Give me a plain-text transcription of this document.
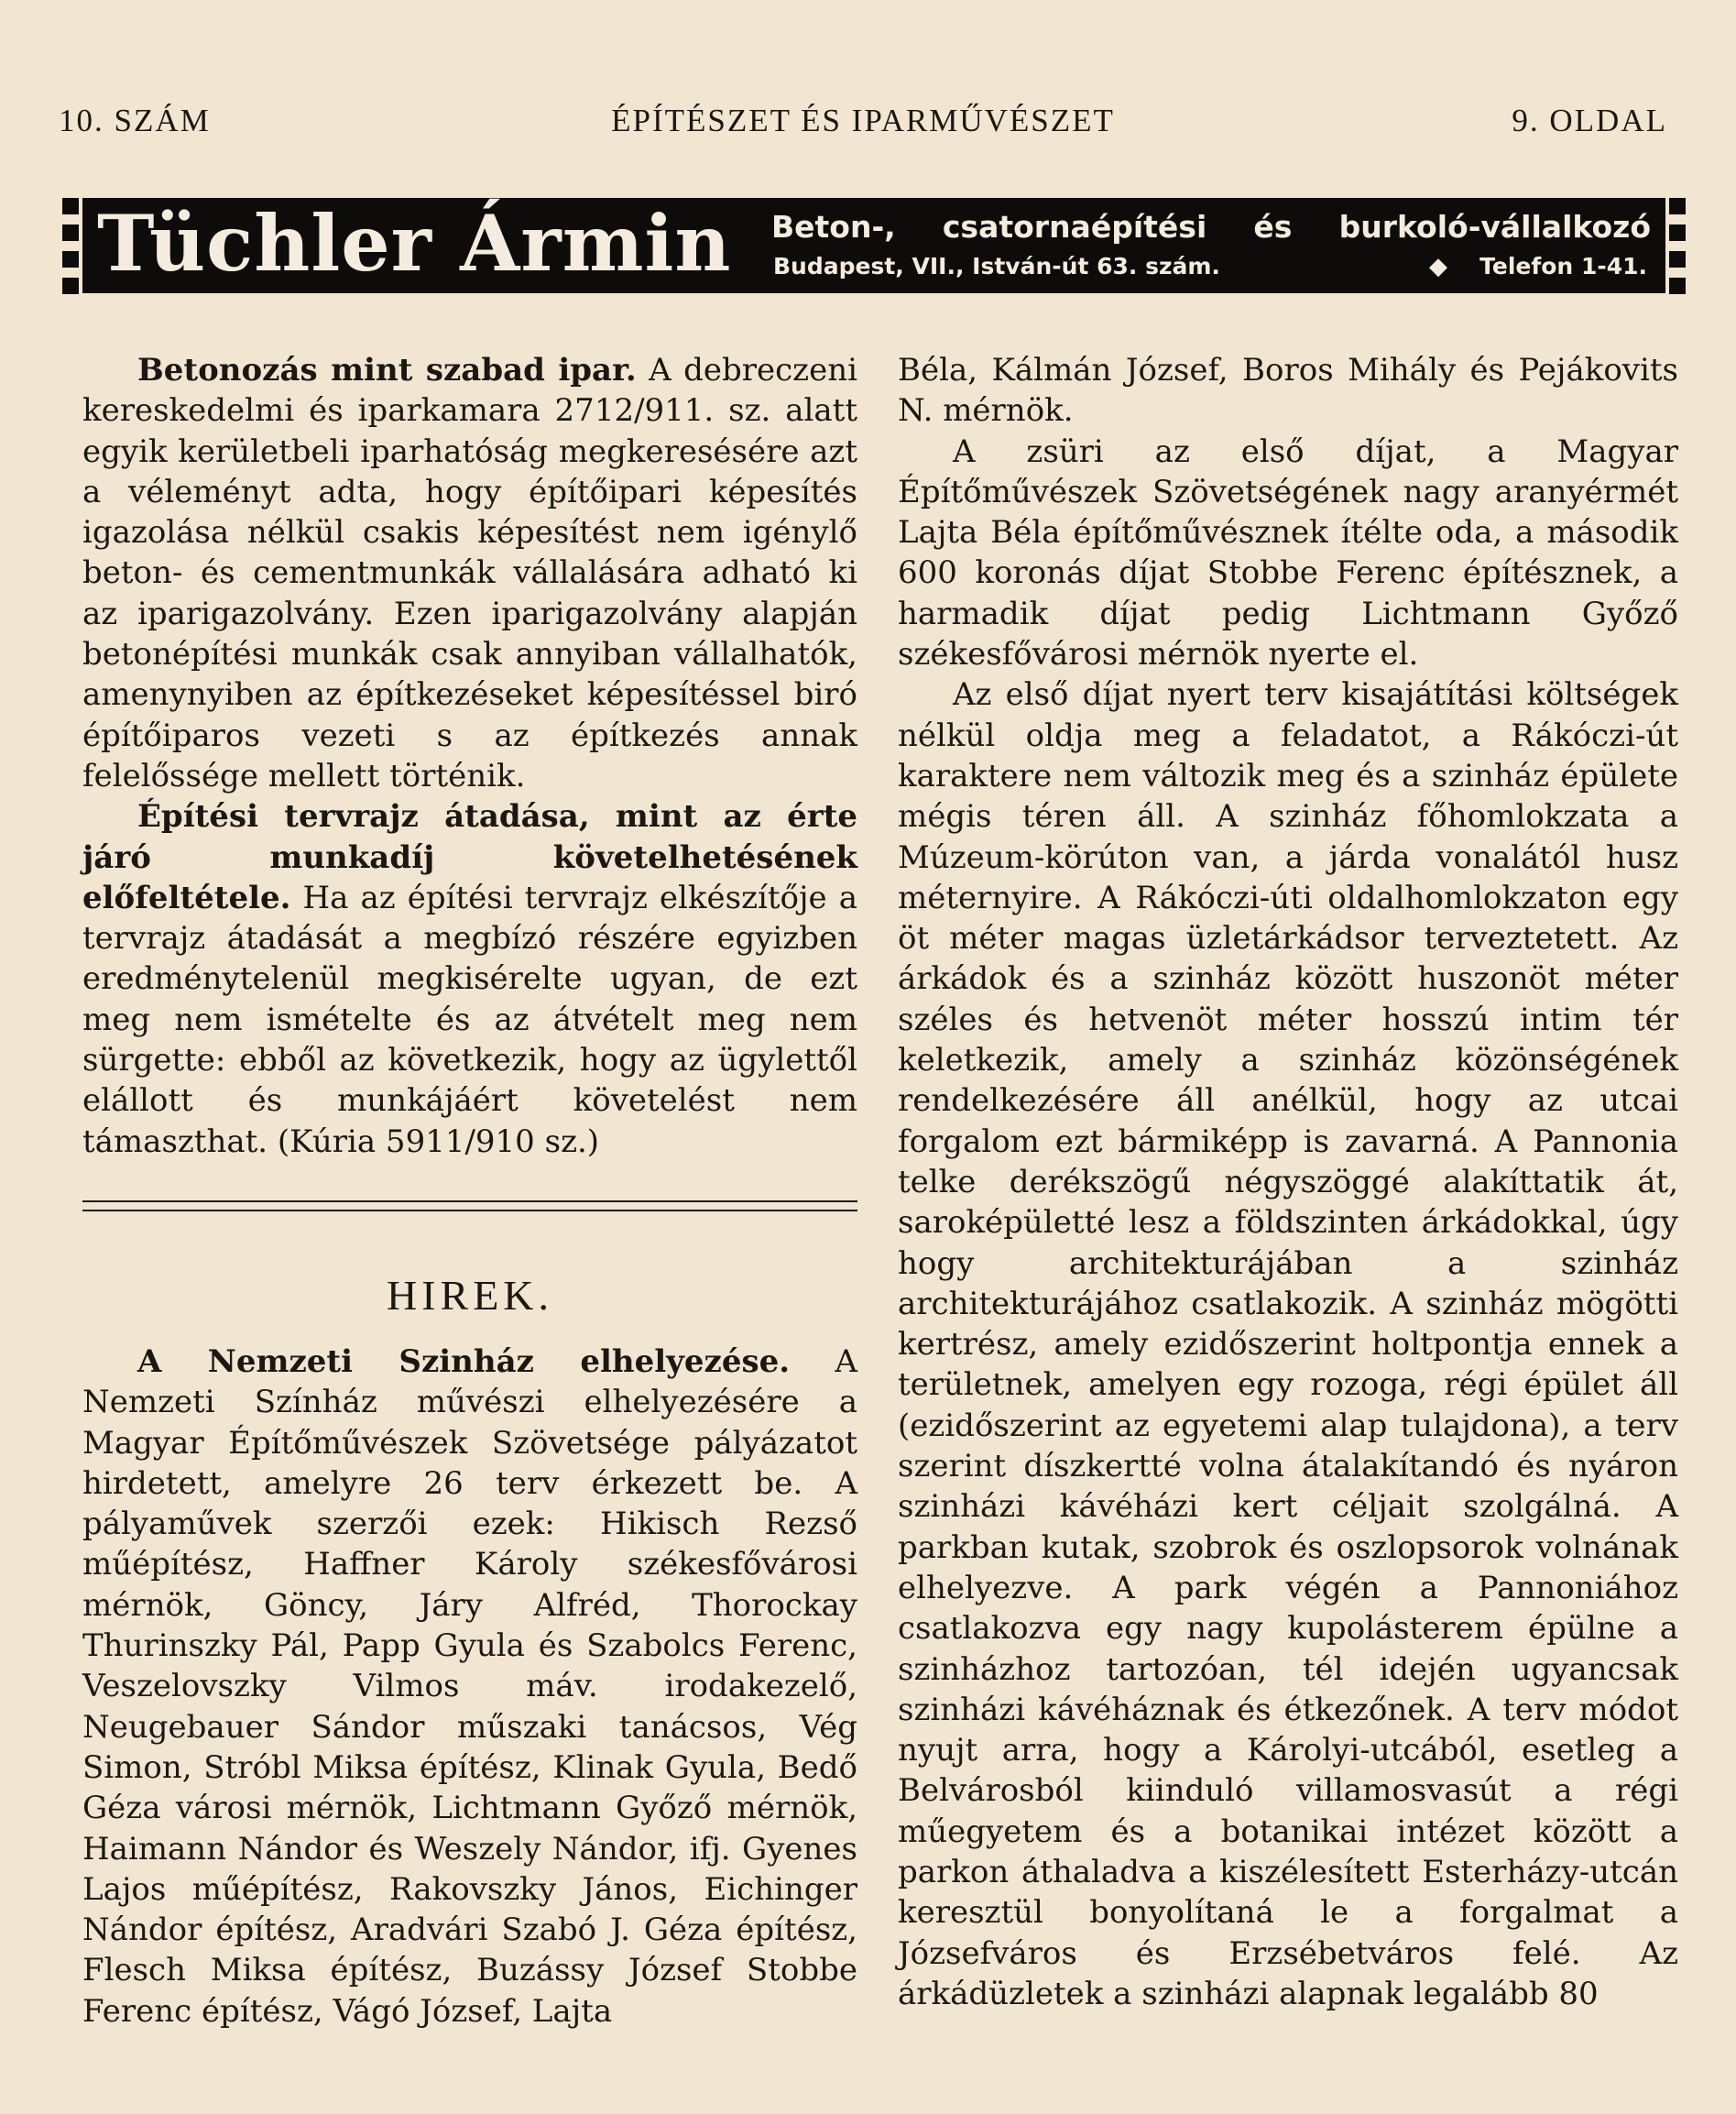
10. SZÁM	ÉPÍTÉSZET ÉS IPARMŰVÉSZET	9. OLDAL
Tüchler Ármin Beton-, csatornaépítési és burkoló-vállalkozó
Budapest, VII., István-út 63. szám.	◆ Telefon 1-41.

Betonozás mint szabad ipar. A debreczeni kereskedelmi és iparkamara 2712/911. sz. alatt egyik kerületbeli iparhatóság megkeresésére azt a véleményt adta, hogy építőipari képesítés igazolása nélkül csakis képesítést nem igénylő beton- és cementmunkák vállalására adható ki az iparigazolvány. Ezen iparigazolvány alapján betonépítési munkák csak annyiban vállalhatók, amenynyiben az építkezéseket képesítéssel biró építőiparos vezeti s az építkezés annak felelőssége mellett történik.

Építési tervrajz átadása, mint az érte járó munkadíj követelhetésének előfeltétele. Ha az építési tervrajz elkészítője a tervrajz átadását a megbízó részére egyizben eredménytelenül megkisérelte ugyan, de ezt meg nem ismételte és az átvételt meg nem sürgette: ebből az következik, hogy az ügylettől elállott és munkájáért követelést nem támaszthat. (Kúria 5911/910 sz.)

HIREK.

A Nemzeti Szinház elhelyezése. A Nemzeti Színház művészi elhelyezésére a Magyar Építőművészek Szövetsége pályázatot hirdetett, amelyre 26 terv érkezett be. A pályaművek szerzői ezek: Hikisch Rezső műépítész, Haffner Károly székesfővárosi mérnök, Göncy, Járy Alfréd, Thorockay Thurinszky Pál, Papp Gyula és Szabolcs Ferenc, Veszelovszky Vilmos máv. irodakezelő, Neugebauer Sándor műszaki tanácsos, Vég Simon, Stróbl Miksa építész, Klinak Gyula, Bedő Géza városi mérnök, Lichtmann Győző mérnök, Haimann Nándor és Weszely Nándor, ifj. Gyenes Lajos műépítész, Rakovszky János, Eichinger Nándor építész, Aradvári Szabó J. Géza építész, Flesch Miksa építész, Buzássy József Stobbe Ferenc építész, Vágó József, Lajta

Béla, Kálmán József, Boros Mihály és Pejákovits N. mérnök.

A zsüri az első díjat, a Magyar Építőművészek Szövetségének nagy aranyérmét Lajta Béla építőművésznek ítélte oda, a második 600 koronás díjat Stobbe Ferenc építésznek, a harmadik díjat pedig Lichtmann Győző székesfővárosi mérnök nyerte el.

Az első díjat nyert terv kisajátítási költségek nélkül oldja meg a feladatot, a Rákóczi-út karaktere nem változik meg és a szinház épülete mégis téren áll. A szinház főhomlokzata a Múzeum-körúton van, a járda vonalától husz méternyire. A Rákóczi-úti oldalhomlokzaton egy öt méter magas üzletárkádsor terveztetett. Az árkádok és a szinház között huszonöt méter széles és hetvenöt méter hosszú intim tér keletkezik, amely a szinház közönségének rendelkezésére áll anélkül, hogy az utcai forgalom ezt bármiképp is zavarná. A Pannonia telke derékszögű négyszöggé alakíttatik át, saroképületté lesz a földszinten árkádokkal, úgy hogy architekturájában a szinház architekturájához csatlakozik. A szinház mögötti kertrész, amely ezidőszerint holtpontja ennek a területnek, amelyen egy rozoga, régi épület áll (ezidőszerint az egyetemi alap tulajdona), a terv szerint díszkertté volna átalakítandó és nyáron szinházi kávéházi kert céljait szolgálná. A parkban kutak, szobrok és oszlopsorok volnának elhelyezve. A park végén a Pannoniához csatlakozva egy nagy kupolásterem épülne a szinházhoz tartozóan, tél idején ugyancsak szinházi kávéháznak és étkezőnek. A terv módot nyujt arra, hogy a Károlyi-utcából, esetleg a Belvárosból kiinduló villamosvasút a régi műegyetem és a botanikai intézet között a parkon áthaladva a kiszélesített Esterházy-utcán keresztül bonyolítaná le a forgalmat a Józsefváros és Erzsébetváros felé. Az árkádüzletek a szinházi alapnak legalább 80
